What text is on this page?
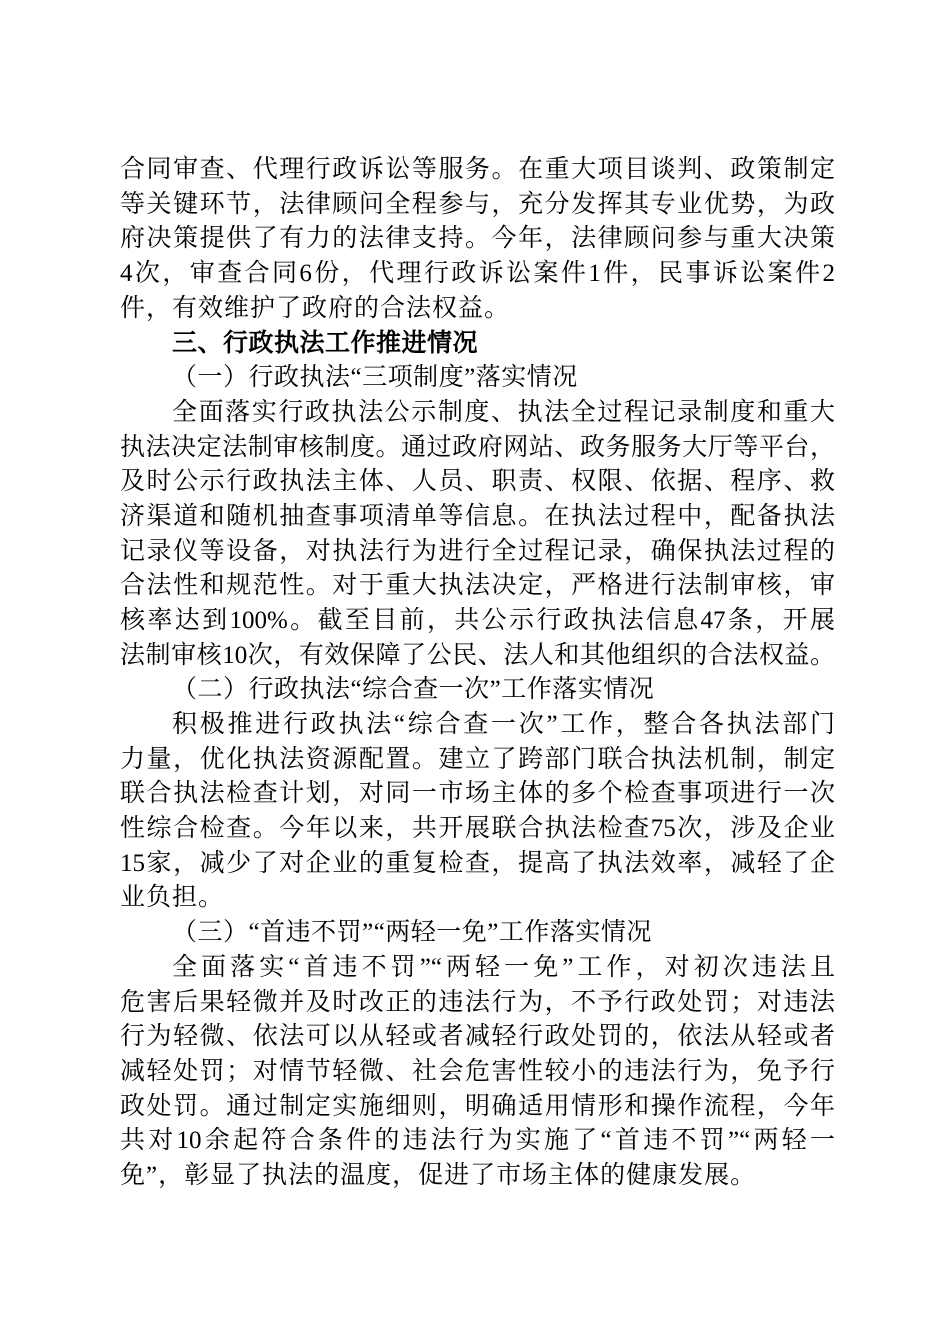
合同审查、代理行政诉讼等服务。在重大项目谈判、政策制定
等关键环节，法律顾问全程参与，充分发挥其专业优势，为政
府决策提供了有力的法律支持。今年，法律顾问参与重大决策
4次，审查合同6份，代理行政诉讼案件1件，民事诉讼案件2
件，有效维护了政府的合法权益。
三、行政执法工作推进情况
（一）行政执法“三项制度”落实情况
全面落实行政执法公示制度、执法全过程记录制度和重大
执法决定法制审核制度。通过政府网站、政务服务大厅等平台，
及时公示行政执法主体、人员、职责、权限、依据、程序、救
济渠道和随机抽查事项清单等信息。在执法过程中，配备执法
记录仪等设备，对执法行为进行全过程记录，确保执法过程的
合法性和规范性。对于重大执法决定，严格进行法制审核，审
核率达到100%。截至目前，共公示行政执法信息47条，开展
法制审核10次，有效保障了公民、法人和其他组织的合法权益。
（二）行政执法“综合查一次”工作落实情况
积极推进行政执法“综合查一次”工作，整合各执法部门
力量，优化执法资源配置。建立了跨部门联合执法机制，制定
联合执法检查计划，对同一市场主体的多个检查事项进行一次
性综合检查。今年以来，共开展联合执法检查75次，涉及企业
15家，减少了对企业的重复检查，提高了执法效率，减轻了企
业负担。
（三）“首违不罚”“两轻一免”工作落实情况
全面落实“首违不罚”“两轻一免”工作，对初次违法且
危害后果轻微并及时改正的违法行为，不予行政处罚；对违法
行为轻微、依法可以从轻或者减轻行政处罚的，依法从轻或者
减轻处罚；对情节轻微、社会危害性较小的违法行为，免予行
政处罚。通过制定实施细则，明确适用情形和操作流程，今年
共对10余起符合条件的违法行为实施了“首违不罚”“两轻一
免”，彰显了执法的温度，促进了市场主体的健康发展。
